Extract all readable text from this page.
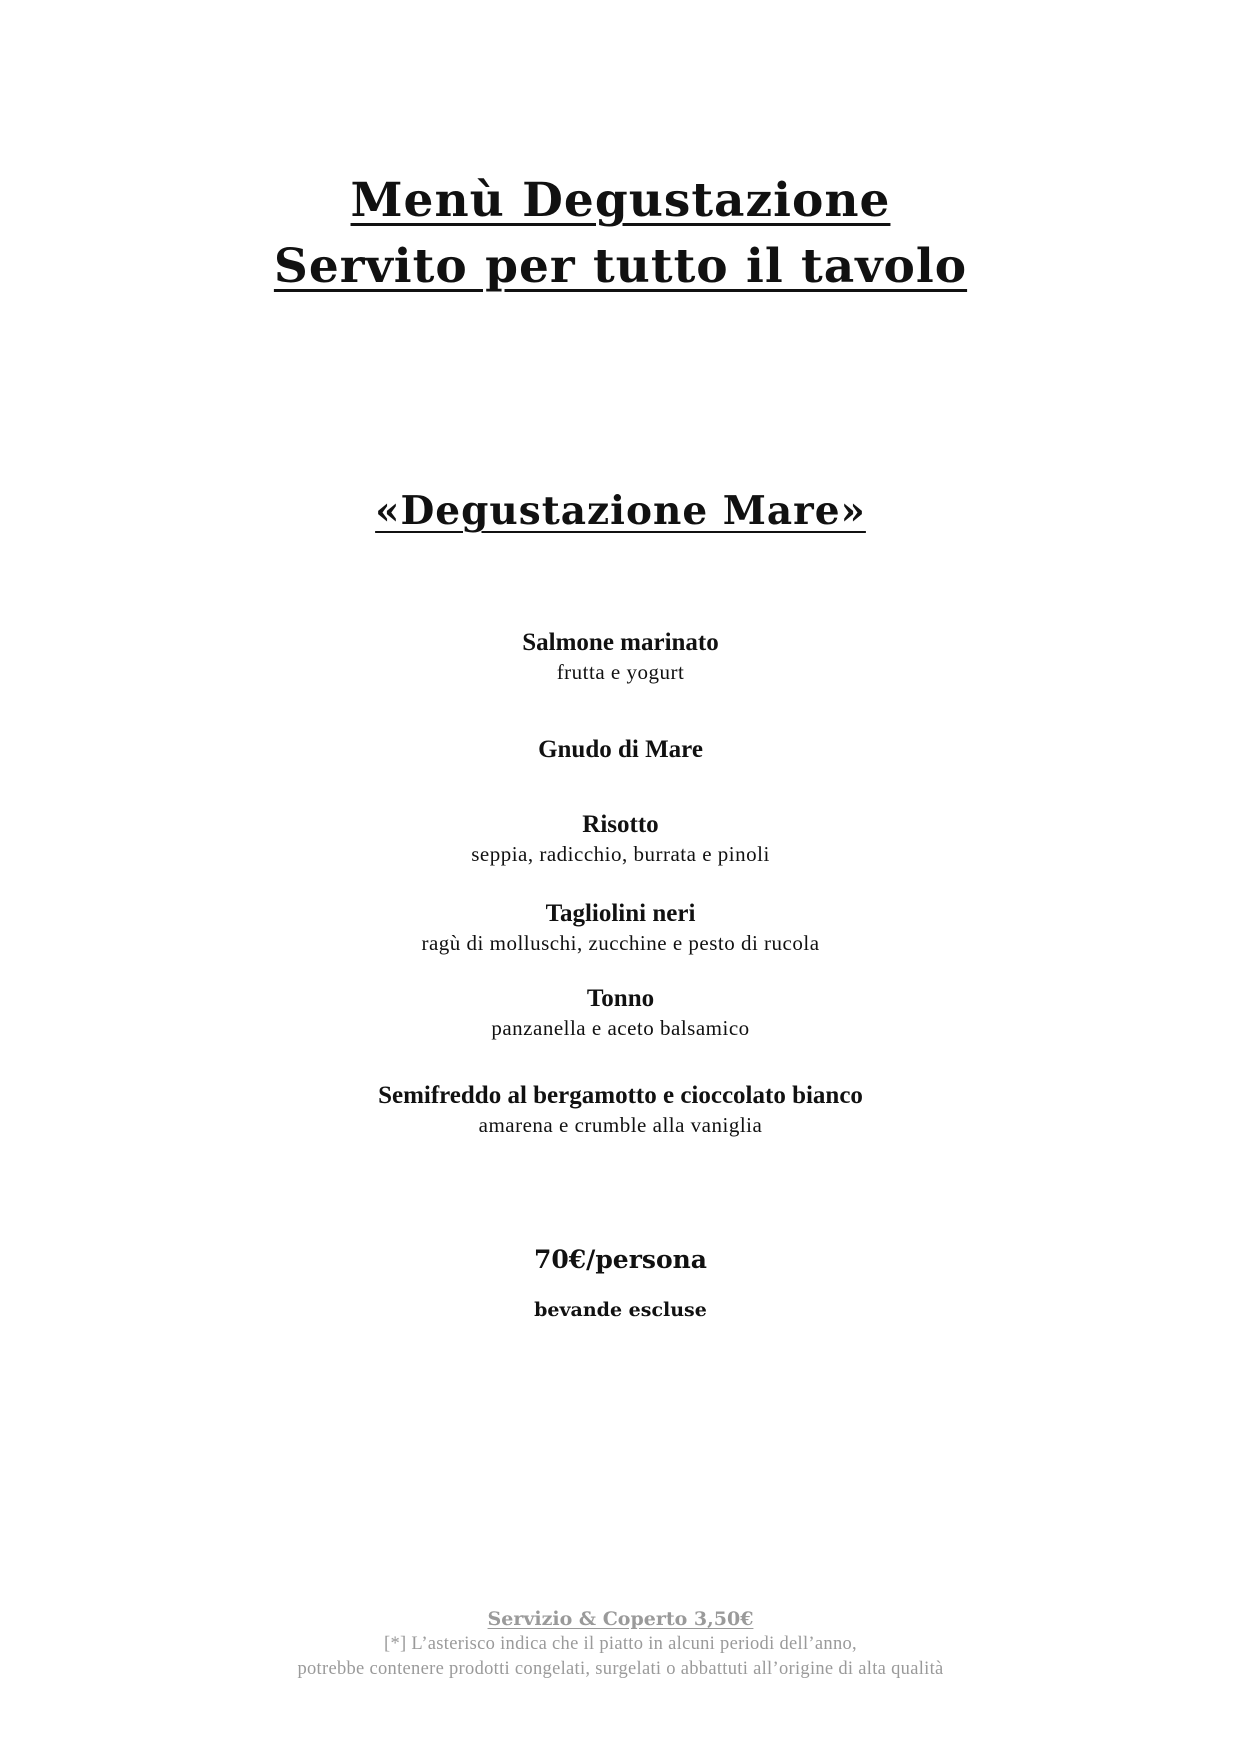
Menù Degustazione
Servito per tutto il tavolo
«Degustazione Mare»
Salmone marinato
frutta e yogurt
Gnudo di Mare
Risotto
seppia, radicchio, burrata e pinoli
Tagliolini neri
ragù di molluschi, zucchine e pesto di rucola
Tonno
panzanella e aceto balsamico
Semifreddo al bergamotto e cioccolato bianco
amarena e crumble alla vaniglia
70€/persona
bevande escluse
Servizio & Coperto 3,50€
[*] L’asterisco indica che il piatto in alcuni periodi dell’anno,
potrebbe contenere prodotti congelati, surgelati o abbattuti all’origine di alta qualità
